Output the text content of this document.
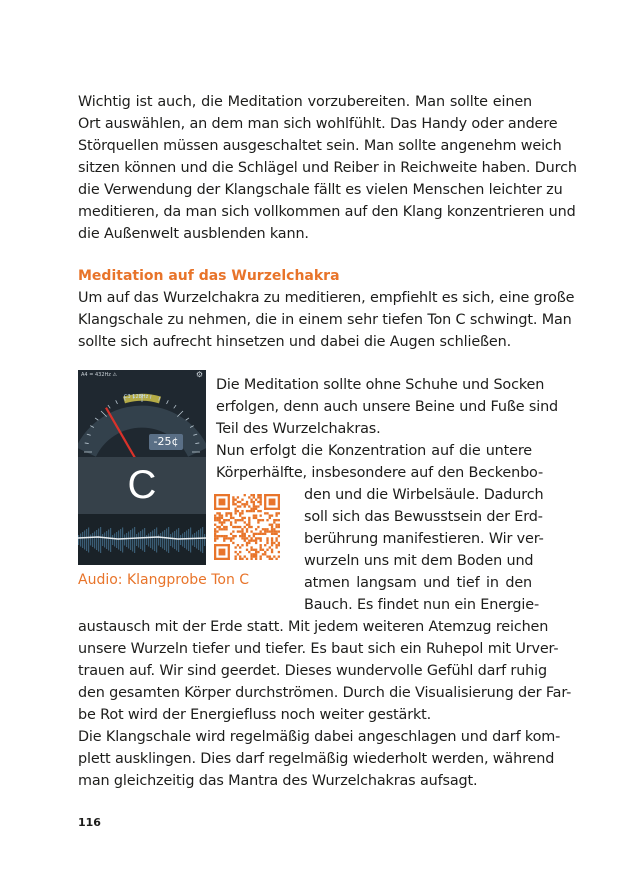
Wichtig ist auch, die Meditation vorzubereiten. Man sollte einen
Ort auswählen, an dem man sich wohlfühlt. Das Handy oder andere
Störquellen müssen ausgeschaltet sein. Man sollte angenehm weich
sitzen können und die Schlägel und Reiber in Reichweite haben. Durch
die Verwendung der Klangschale fällt es vielen Menschen leichter zu
meditieren, da man sich vollkommen auf den Klang konzentrieren und
die Außenwelt ausblenden kann.
Meditation auf das Wurzelchakra
Um auf das Wurzelchakra zu meditieren, empfiehlt es sich, eine große
Klangschale zu nehmen, die in einem sehr tiefen Ton C schwingt. Man
sollte sich aufrecht hinsetzen und dabei die Augen schließen.
A4 = 432Hz ⚠	⚙
C3 128Hz
-25¢
C
Audio: Klangprobe Ton C
Die Meditation sollte ohne Schuhe und Socken
erfolgen, denn auch unsere Beine und Fuße sind
Teil des Wurzelchakras.
Nun erfolgt die Konzentration auf die untere
Körperhälfte, insbesondere auf den Beckenbo-
den und die Wirbelsäule. Dadurch
soll sich das Bewusstsein der Erd-
berührung manifestieren. Wir ver-
wurzeln uns mit dem Boden und
atmen langsam und tief in den
Bauch. Es findet nun ein Energie-
austausch mit der Erde statt. Mit jedem weiteren Atemzug reichen
unsere Wurzeln tiefer und tiefer. Es baut sich ein Ruhepol mit Urver-
trauen auf. Wir sind geerdet. Dieses wundervolle Gefühl darf ruhig
den gesamten Körper durchströmen. Durch die Visualisierung der Far-
be Rot wird der Energiefluss noch weiter gestärkt.
Die Klangschale wird regelmäßig dabei angeschlagen und darf kom-
plett ausklingen. Dies darf regelmäßig wiederholt werden, während
man gleichzeitig das Mantra des Wurzelchakras aufsagt.
116
